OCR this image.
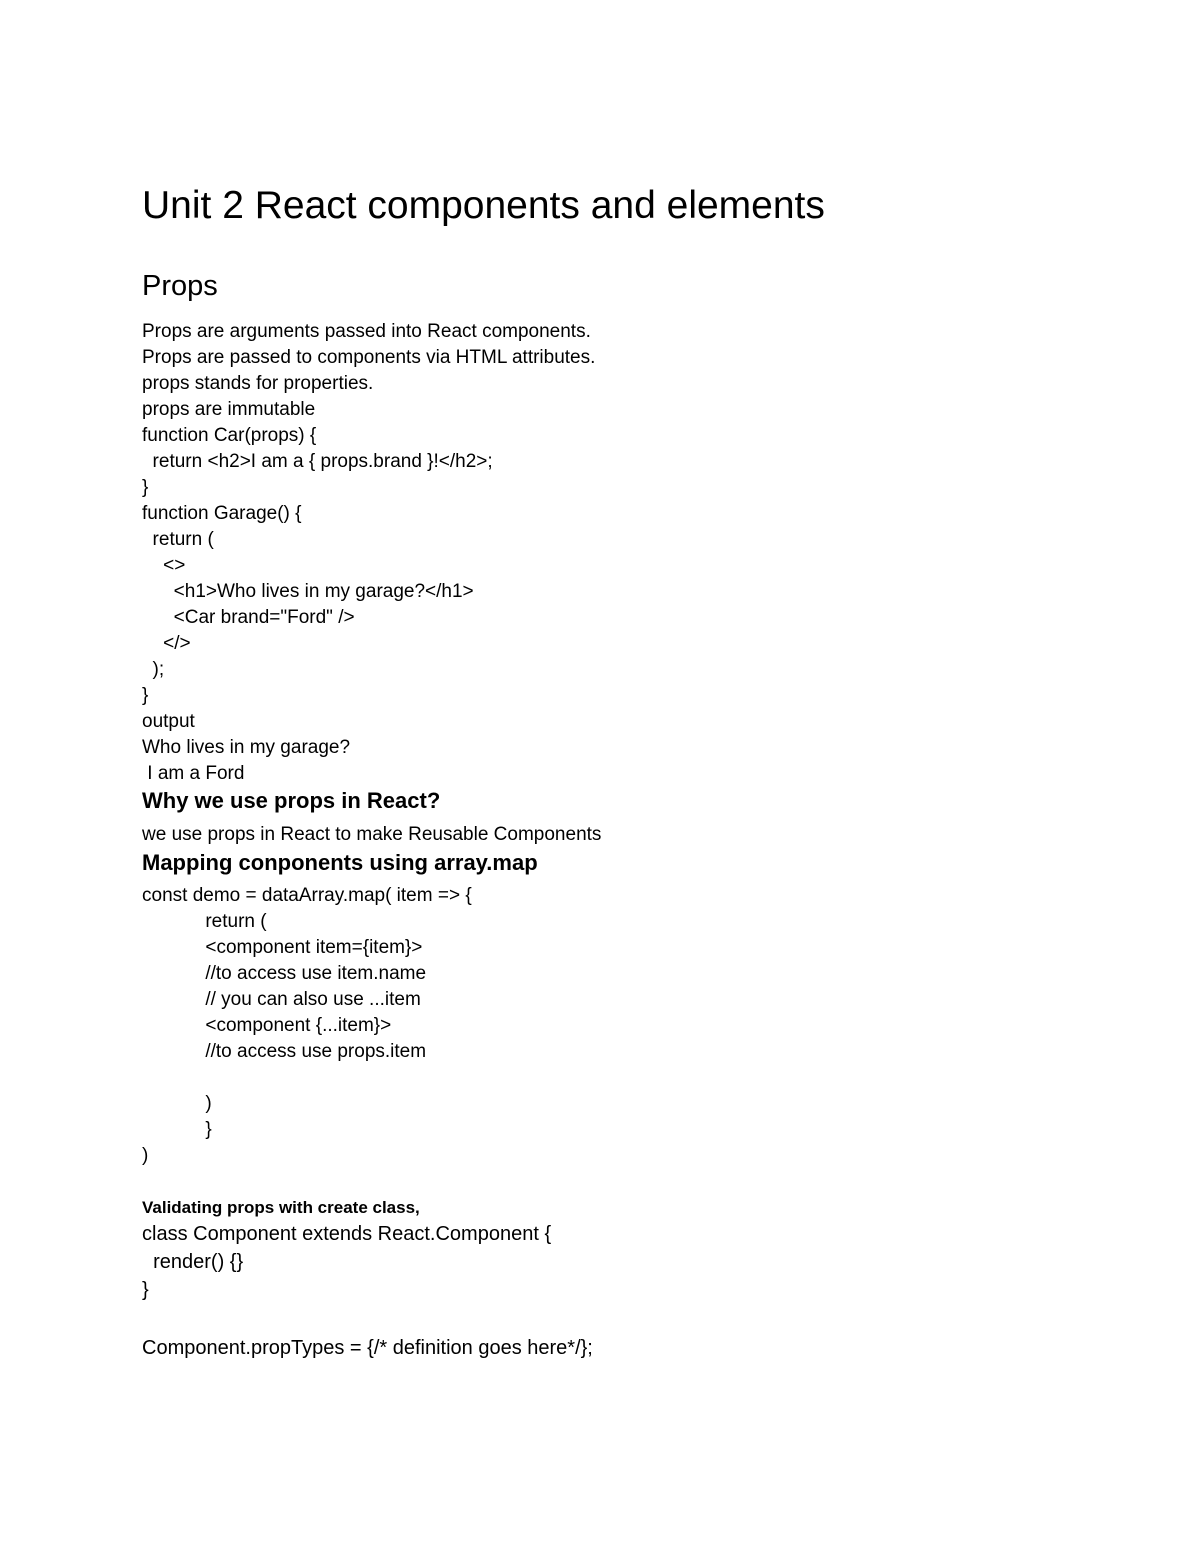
Unit 2 React components and elements
Props
Props are arguments passed into React components.
Props are passed to components via HTML attributes.
props stands for properties.
props are immutable
function Car(props) {
return <h2>I am a { props.brand }!</h2>;
}
function Garage() {
return (
<>
<h1>Who lives in my garage?</h1>
<Car brand="Ford" />
</>
);
}
output
Who lives in my garage?
I am a Ford
Why we use props in React?
we use props in React to make Reusable Components
Mapping conponents using array.map
const demo = dataArray.map( item => {
return (
<component item={item}>
//to access use item.name
// you can also use ...item
<component {...item}>
//to access use props.item
)
}
)
Validating props with create class,
class Component extends React.Component {
render() {}
}
Component.propTypes = {/* definition goes here*/};
